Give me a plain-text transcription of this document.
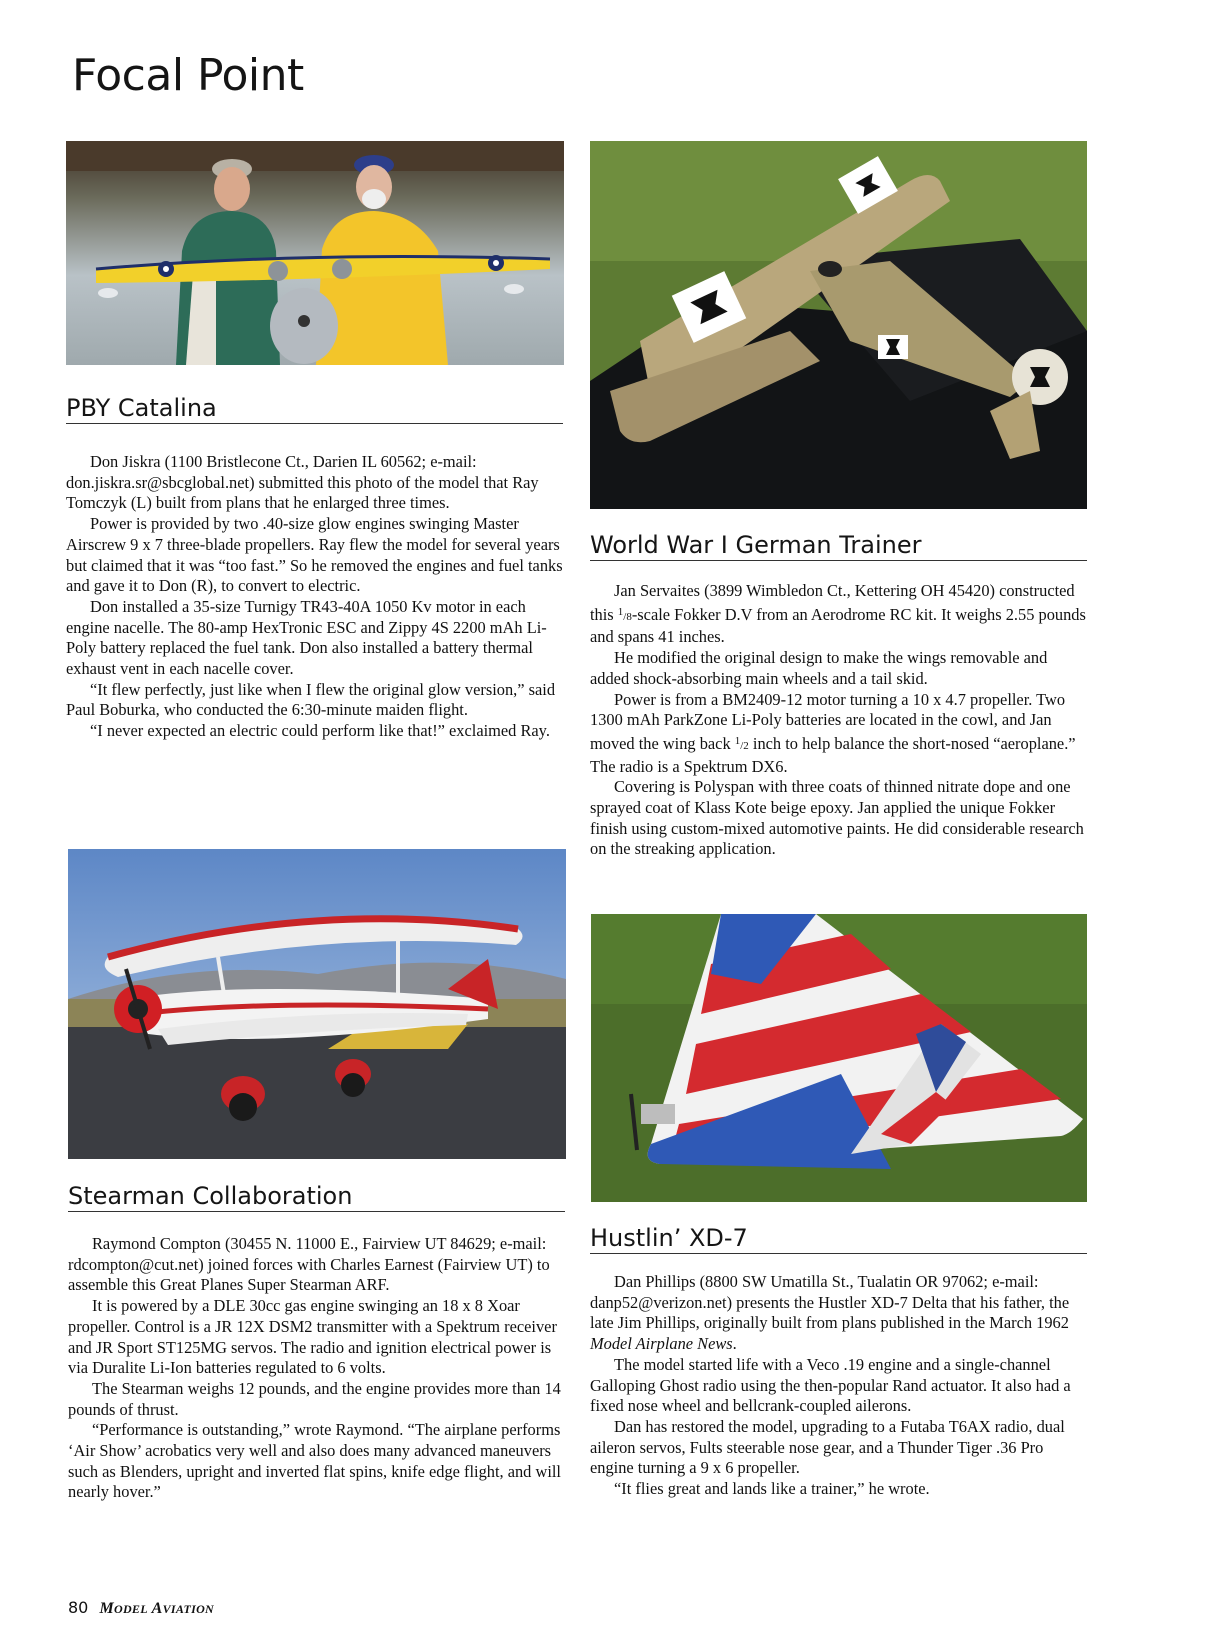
Focal Point
PBY Catalina

Don Jiskra (1100 Bristlecone Ct., Darien IL 60562; e-mail: don.jiskra.sr@sbcglobal.net) submitted this photo of the model that Ray Tomczyk (L) built from plans that he enlarged three times.

Power is provided by two .40-size glow engines swinging Master Airscrew 9 x 7 three-blade propellers. Ray flew the model for several years but claimed that it was “too fast.” So he removed the engines and fuel tanks and gave it to Don (R), to convert to electric.

Don installed a 35-size Turnigy TR43-40A 1050 Kv motor in each engine nacelle. The 80-amp HexTronic ESC and Zippy 4S 2200 mAh Li-Poly battery replaced the fuel tank. Don also installed a battery thermal exhaust vent in each nacelle cover.

“It flew perfectly, just like when I flew the original glow version,” said Paul Boburka, who conducted the 6:30-minute maiden flight.

“I never expected an electric could perform like that!” exclaimed Ray.

World War I German Trainer

Jan Servaites (3899 Wimbledon Ct., Kettering OH 45420) constructed this $^1$/8-scale Fokker D.V from an Aerodrome RC kit. It weighs 2.55 pounds and spans 41 inches.

He modified the original design to make the wings removable and added shock-absorbing main wheels and a tail skid.

Power is from a BM2409-12 motor turning a 10 x 4.7 propeller. Two 1300 mAh ParkZone Li-Poly batteries are located in the cowl, and Jan moved the wing back $^1$/2 inch to help balance the short-nosed “aeroplane.” The radio is a Spektrum DX6.

Covering is Polyspan with three coats of thinned nitrate dope and one sprayed coat of Klass Kote beige epoxy. Jan applied the unique Fokker finish using custom-mixed automotive paints. He did considerable research on the streaking application.

Stearman Collaboration

Raymond Compton (30455 N. 11000 E., Fairview UT 84629; e-mail: rdcompton@cut.net) joined forces with Charles Earnest (Fairview UT) to assemble this Great Planes Super Stearman ARF.

It is powered by a DLE 30cc gas engine swinging an 18 x 8 Xoar propeller. Control is a JR 12X DSM2 transmitter with a Spektrum receiver and JR Sport ST125MG servos. The radio and ignition electrical power is via Duralite Li-Ion batteries regulated to 6 volts.

The Stearman weighs 12 pounds, and the engine provides more than 14 pounds of thrust.

“Performance is outstanding,” wrote Raymond. “The airplane performs ‘Air Show’ acrobatics very well and also does many advanced maneuvers such as Blenders, upright and inverted flat spins, knife edge flight, and will nearly hover.”

Hustlin’ XD-7

Dan Phillips (8800 SW Umatilla St., Tualatin OR 97062; e-mail: danp52@verizon.net) presents the Hustler XD-7 Delta that his father, the late Jim Phillips, originally built from plans published in the March 1962 Model Airplane News.

The model started life with a Veco .19 engine and a single-channel Galloping Ghost radio using the then-popular Rand actuator. It also had a fixed nose wheel and bellcrank-coupled ailerons.

Dan has restored the model, upgrading to a Futaba T6AX radio, dual aileron servos, Fults steerable nose gear, and a Thunder Tiger .36 Pro engine turning a 9 x 6 propeller.

“It flies great and lands like a trainer,” he wrote.

80 MODEL AVIATION
